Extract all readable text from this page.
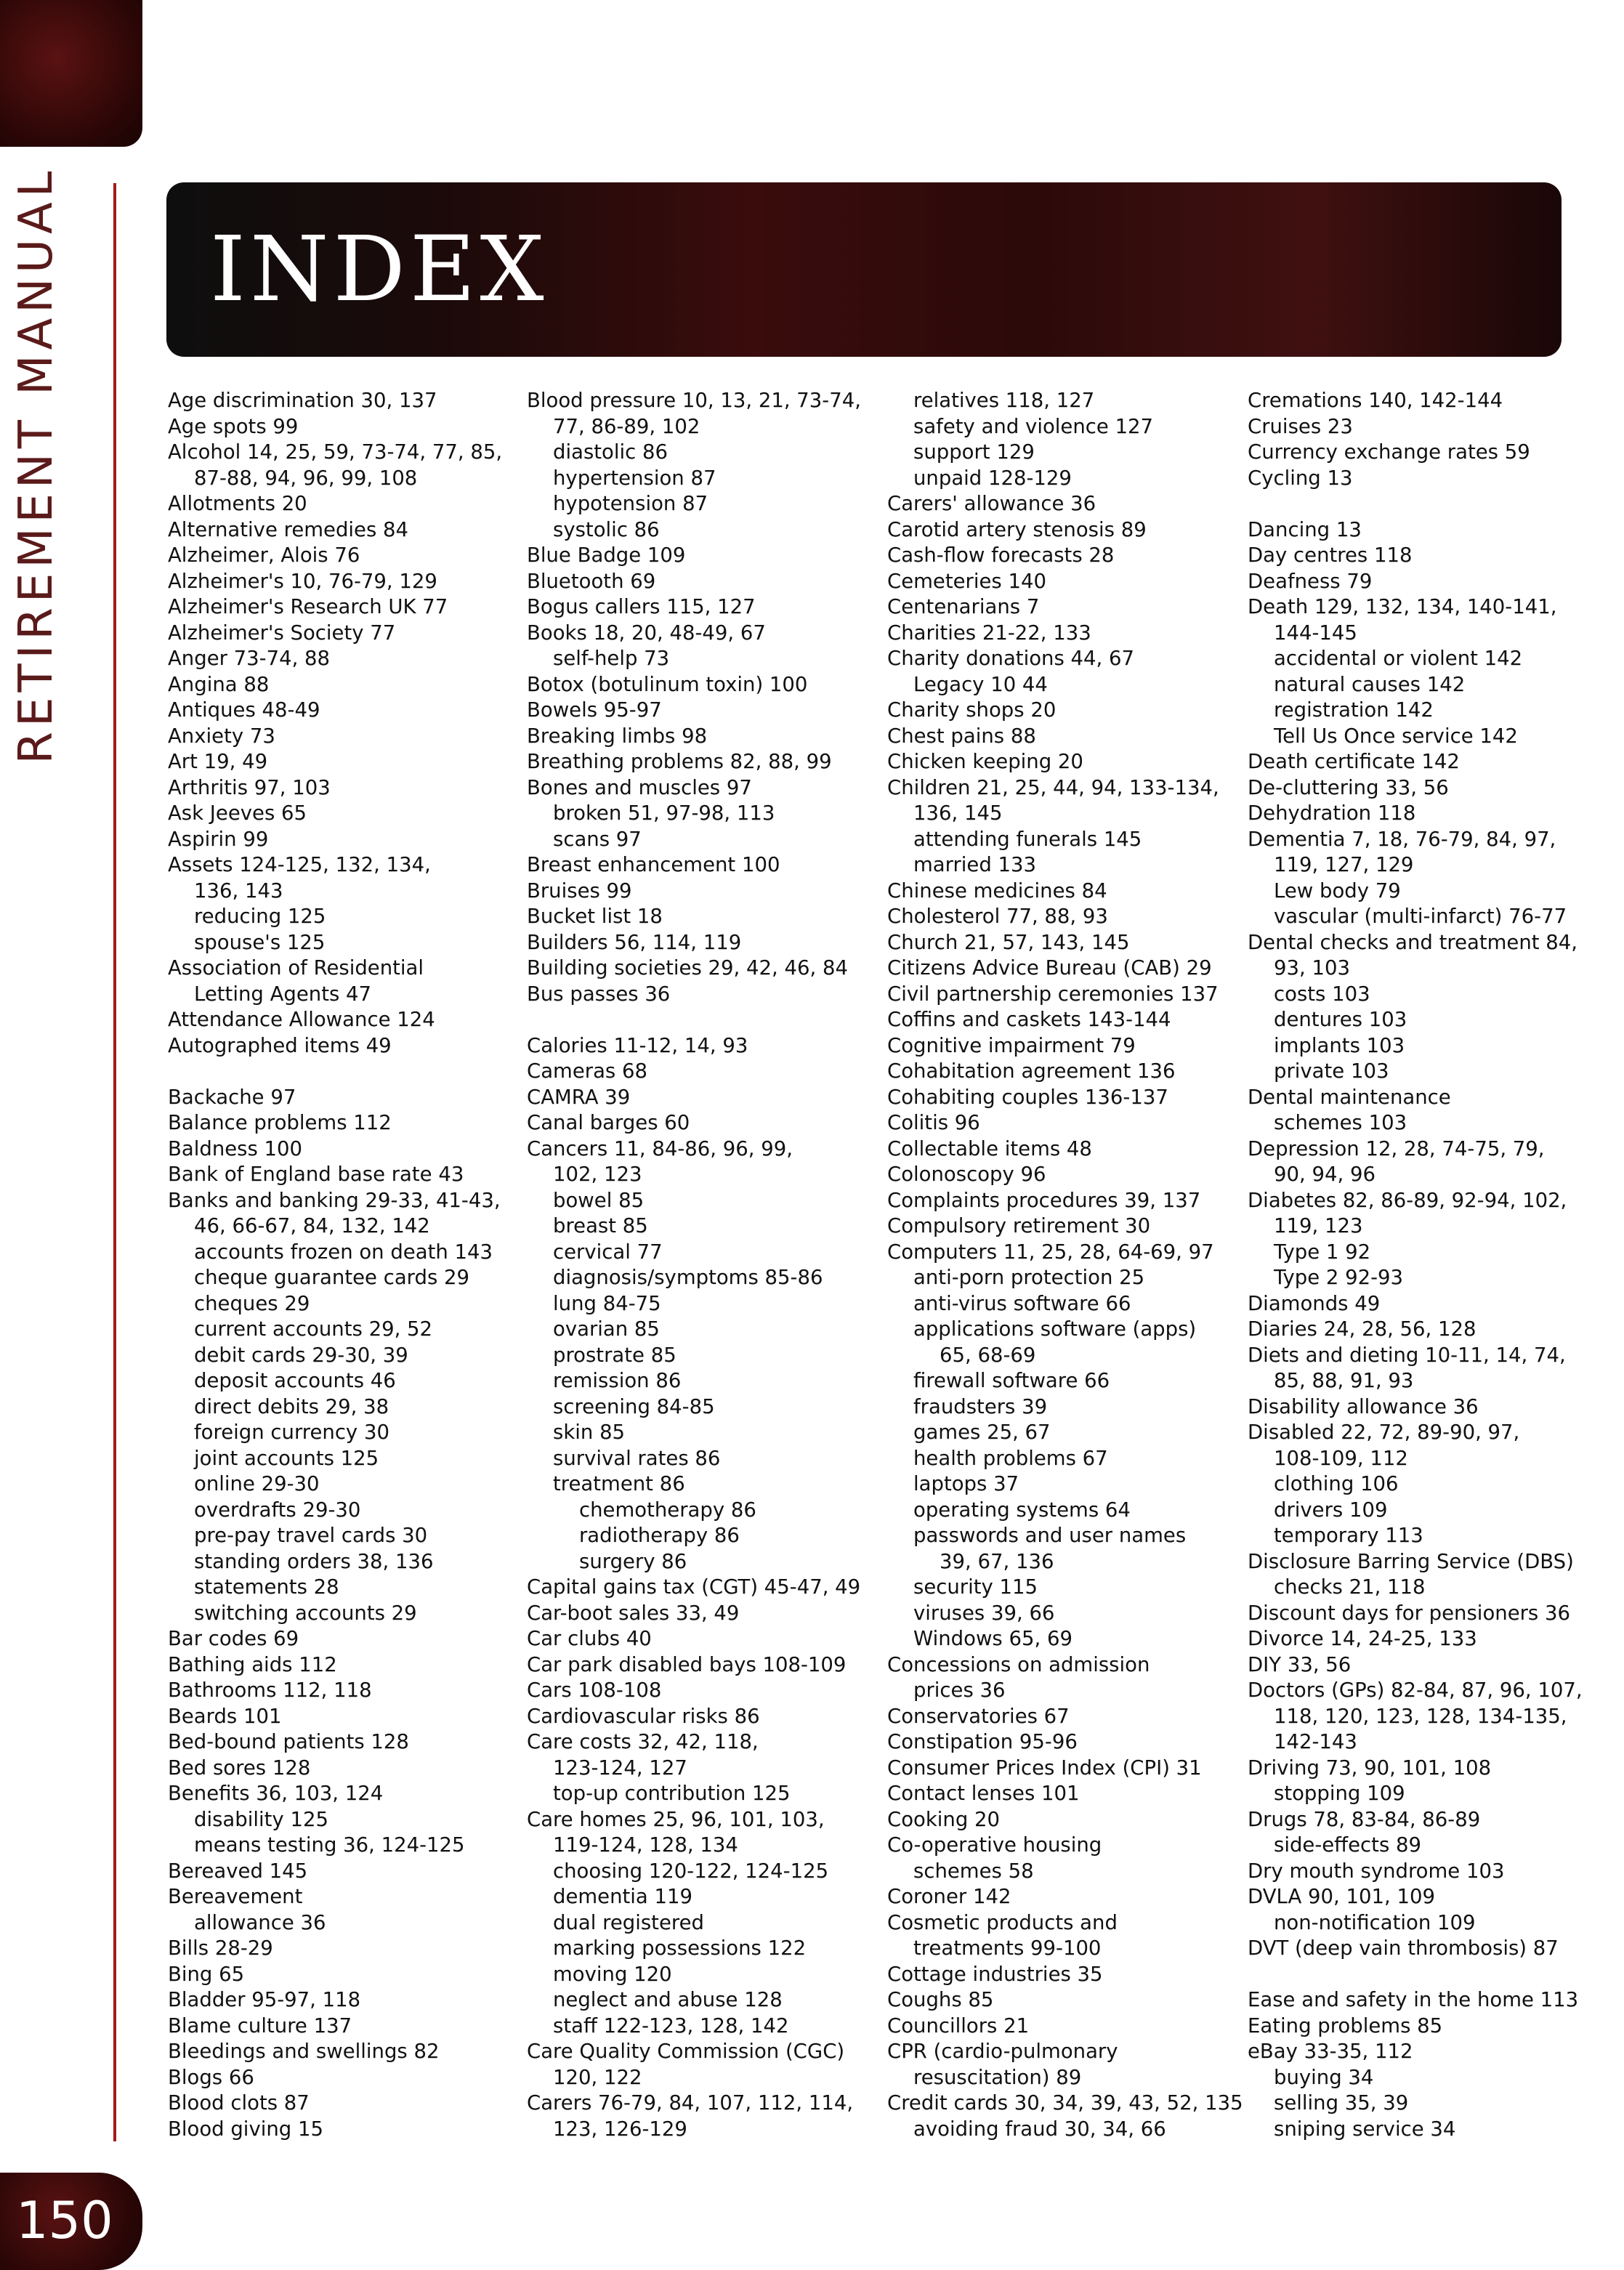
RETIREMENT MANUAL INDEX
Age discrimination 30, 137
Age spots 99
Alcohol 14, 25, 59, 73-74, 77, 85,
87-88, 94, 96, 99, 108
Allotments 20
Alternative remedies 84
Alzheimer, Alois 76
Alzheimer's 10, 76-79, 129
Alzheimer's Research UK 77
Alzheimer's Society 77
Anger 73-74, 88
Angina 88
Antiques 48-49
Anxiety 73
Art 19, 49
Arthritis 97, 103
Ask Jeeves 65
Aspirin 99
Assets 124-125, 132, 134,
136, 143
reducing 125
spouse's 125
Association of Residential
Letting Agents 47
Attendance Allowance 124
Autographed items 49
Backache 97
Balance problems 112
Baldness 100
Bank of England base rate 43
Banks and banking 29-33, 41-43,
46, 66-67, 84, 132, 142
accounts frozen on death 143
cheque guarantee cards 29
cheques 29
current accounts 29, 52
debit cards 29-30, 39
deposit accounts 46
direct debits 29, 38
foreign currency 30
joint accounts 125
online 29-30
overdrafts 29-30
pre-pay travel cards 30
standing orders 38, 136
statements 28
switching accounts 29
Bar codes 69
Bathing aids 112
Bathrooms 112, 118
Beards 101
Bed-bound patients 128
Bed sores 128
Benefits 36, 103, 124
disability 125
means testing 36, 124-125
Bereaved 145
Bereavement
allowance 36
Bills 28-29
Bing 65
Bladder 95-97, 118
Blame culture 137
Bleedings and swellings 82
Blogs 66
Blood clots 87
Blood giving 15
Blood pressure 10, 13, 21, 73-74,
77, 86-89, 102
diastolic 86
hypertension 87
hypotension 87
systolic 86
Blue Badge 109
Bluetooth 69
Bogus callers 115, 127
Books 18, 20, 48-49, 67
self-help 73
Botox (botulinum toxin) 100
Bowels 95-97
Breaking limbs 98
Breathing problems 82, 88, 99
Bones and muscles 97
broken 51, 97-98, 113
scans 97
Breast enhancement 100
Bruises 99
Bucket list 18
Builders 56, 114, 119
Building societies 29, 42, 46, 84
Bus passes 36
Calories 11-12, 14, 93
Cameras 68
CAMRA 39
Canal barges 60
Cancers 11, 84-86, 96, 99,
102, 123
bowel 85
breast 85
cervical 77
diagnosis/symptoms 85-86
lung 84-75
ovarian 85
prostrate 85
remission 86
screening 84-85
skin 85
survival rates 86
treatment 86
chemotherapy 86
radiotherapy 86
surgery 86
Capital gains tax (CGT) 45-47, 49
Car-boot sales 33, 49
Car clubs 40
Car park disabled bays 108-109
Cars 108-108
Cardiovascular risks 86
Care costs 32, 42, 118,
123-124, 127
top-up contribution 125
Care homes 25, 96, 101, 103,
119-124, 128, 134
choosing 120-122, 124-125
dementia 119
dual registered
marking possessions 122
moving 120
neglect and abuse 128
staff 122-123, 128, 142
Care Quality Commission (CGC)
120, 122
Carers 76-79, 84, 107, 112, 114,
123, 126-129
relatives 118, 127
safety and violence 127
support 129
unpaid 128-129
Carers' allowance 36
Carotid artery stenosis 89
Cash-flow forecasts 28
Cemeteries 140
Centenarians 7
Charities 21-22, 133
Charity donations 44, 67
Legacy 10 44
Charity shops 20
Chest pains 88
Chicken keeping 20
Children 21, 25, 44, 94, 133-134,
136, 145
attending funerals 145
married 133
Chinese medicines 84
Cholesterol 77, 88, 93
Church 21, 57, 143, 145
Citizens Advice Bureau (CAB) 29
Civil partnership ceremonies 137
Coffins and caskets 143-144
Cognitive impairment 79
Cohabitation agreement 136
Cohabiting couples 136-137
Colitis 96
Collectable items 48
Colonoscopy 96
Complaints procedures 39, 137
Compulsory retirement 30
Computers 11, 25, 28, 64-69, 97
anti-porn protection 25
anti-virus software 66
applications software (apps)
65, 68-69
firewall software 66
fraudsters 39
games 25, 67
health problems 67
laptops 37
operating systems 64
passwords and user names
39, 67, 136
security 115
viruses 39, 66
Windows 65, 69
Concessions on admission
prices 36
Conservatories 67
Constipation 95-96
Consumer Prices Index (CPI) 31
Contact lenses 101
Cooking 20
Co-operative housing
schemes 58
Coroner 142
Cosmetic products and
treatments 99-100
Cottage industries 35
Coughs 85
Councillors 21
CPR (cardio-pulmonary
resuscitation) 89
Credit cards 30, 34, 39, 43, 52, 135
avoiding fraud 30, 34, 66
Cremations 140, 142-144
Cruises 23
Currency exchange rates 59
Cycling 13
Dancing 13
Day centres 118
Deafness 79
Death 129, 132, 134, 140-141,
144-145
accidental or violent 142
natural causes 142
registration 142
Tell Us Once service 142
Death certificate 142
De-cluttering 33, 56
Dehydration 118
Dementia 7, 18, 76-79, 84, 97,
119, 127, 129
Lew body 79
vascular (multi-infarct) 76-77
Dental checks and treatment 84,
93, 103
costs 103
dentures 103
implants 103
private 103
Dental maintenance
schemes 103
Depression 12, 28, 74-75, 79,
90, 94, 96
Diabetes 82, 86-89, 92-94, 102,
119, 123
Type 1 92
Type 2 92-93
Diamonds 49
Diaries 24, 28, 56, 128
Diets and dieting 10-11, 14, 74,
85, 88, 91, 93
Disability allowance 36
Disabled 22, 72, 89-90, 97,
108-109, 112
clothing 106
drivers 109
temporary 113
Disclosure Barring Service (DBS)
checks 21, 118
Discount days for pensioners 36
Divorce 14, 24-25, 133
DIY 33, 56
Doctors (GPs) 82-84, 87, 96, 107,
118, 120, 123, 128, 134-135,
142-143
Driving 73, 90, 101, 108
stopping 109
Drugs 78, 83-84, 86-89
side-effects 89
Dry mouth syndrome 103
DVLA 90, 101, 109
non-notification 109
DVT (deep vain thrombosis) 87
Ease and safety in the home 113
Eating problems 85
eBay 33-35, 112
buying 34
selling 35, 39
sniping service 34
150
